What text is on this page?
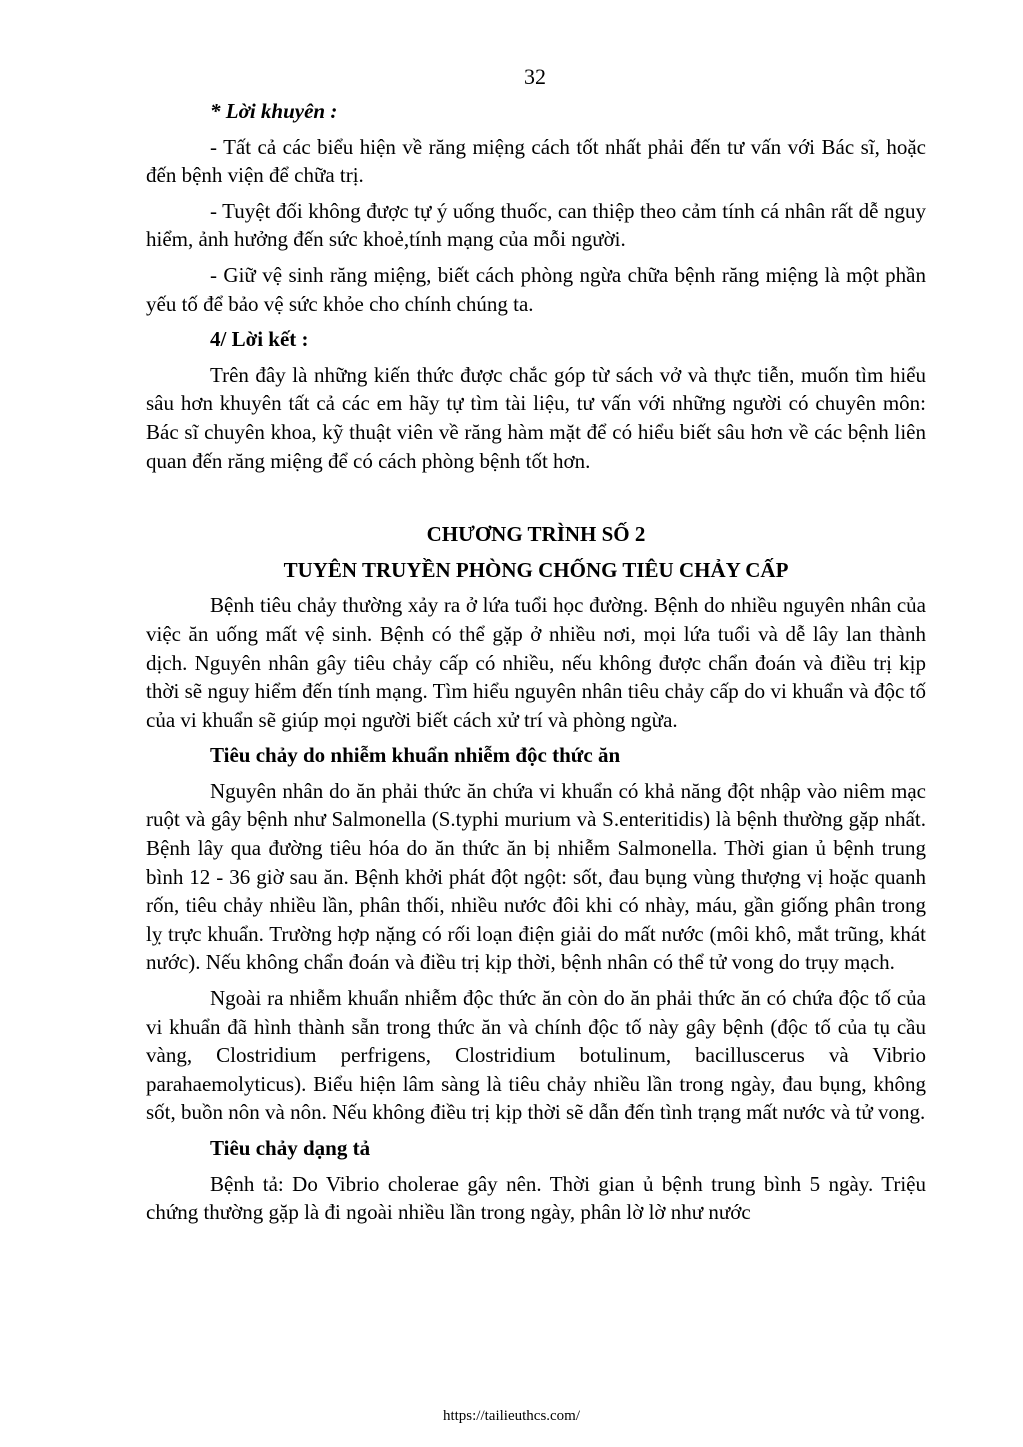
32
* Lời khuyên :
- Tất cả các biểu hiện về răng miệng cách tốt nhất phải đến tư vấn với Bác sĩ, hoặc đến bệnh viện để chữa trị.
- Tuyệt đối không được tự ý uống thuốc, can thiệp theo cảm tính cá nhân rất dễ nguy hiểm, ảnh hưởng đến sức khoẻ,tính mạng của mỗi người.
- Giữ vệ sinh răng miệng, biết cách phòng ngừa chữa bệnh răng miệng là một phần yếu tố để bảo vệ sức khỏe cho chính chúng ta.
4/ Lời kết :
Trên đây là những kiến thức được chắc góp từ sách vở và thực tiễn, muốn tìm hiểu sâu hơn khuyên tất cả các em hãy tự tìm tài liệu, tư vấn với những người có chuyên môn: Bác sĩ chuyên khoa, kỹ thuật viên về răng hàm mặt để có hiểu biết sâu hơn về các bệnh liên quan đến răng miệng để có cách phòng bệnh tốt hơn.
CHƯƠNG TRÌNH SỐ 2
TUYÊN TRUYỀN PHÒNG CHỐNG TIÊU CHẢY CẤP
Bệnh tiêu chảy thường xảy ra ở lứa tuổi học đường. Bệnh do nhiều nguyên nhân của việc ăn uống mất vệ sinh. Bệnh có thể gặp ở nhiều nơi, mọi lứa tuổi và dễ lây lan thành dịch. Nguyên nhân gây tiêu chảy cấp có nhiều, nếu không được chẩn đoán và điều trị kịp thời sẽ nguy hiểm đến tính mạng. Tìm hiểu nguyên nhân tiêu chảy cấp do vi khuẩn và độc tố của vi khuẩn sẽ giúp mọi người biết cách xử trí và phòng ngừa.
Tiêu chảy do nhiễm khuẩn nhiễm độc thức ăn
Nguyên nhân do ăn phải thức ăn chứa vi khuẩn có khả năng đột nhập vào niêm mạc ruột và gây bệnh như Salmonella (S.typhi murium và S.enteritidis) là bệnh thường gặp nhất. Bệnh lây qua đường tiêu hóa do ăn thức ăn bị nhiễm Salmonella. Thời gian ủ bệnh trung bình 12 - 36 giờ sau ăn. Bệnh khởi phát đột ngột: sốt, đau bụng vùng thượng vị hoặc quanh rốn, tiêu chảy nhiều lần, phân thối, nhiều nước đôi khi có nhày, máu, gần giống phân trong lỵ trực khuẩn. Trường hợp nặng có rối loạn điện giải do mất nước (môi khô, mắt trũng, khát nước). Nếu không chẩn đoán và điều trị kịp thời, bệnh nhân có thể tử vong do trụy mạch.
Ngoài ra nhiễm khuẩn nhiễm độc thức ăn còn do ăn phải thức ăn có chứa độc tố của vi khuẩn đã hình thành sẵn trong thức ăn và chính độc tố này gây bệnh (độc tố của tụ cầu vàng, Clostridium perfrigens, Clostridium botulinum, bacilluscerus và Vibrio parahaemolyticus). Biểu hiện lâm sàng là tiêu chảy nhiều lần trong ngày, đau bụng, không sốt, buồn nôn và nôn. Nếu không điều trị kịp thời sẽ dẫn đến tình trạng mất nước và tử vong.
Tiêu chảy dạng tả
Bệnh tả: Do Vibrio cholerae gây nên. Thời gian ủ bệnh trung bình 5 ngày. Triệu chứng thường gặp là đi ngoài nhiều lần trong ngày, phân lờ lờ như nước
https://tailieuthcs.com/
